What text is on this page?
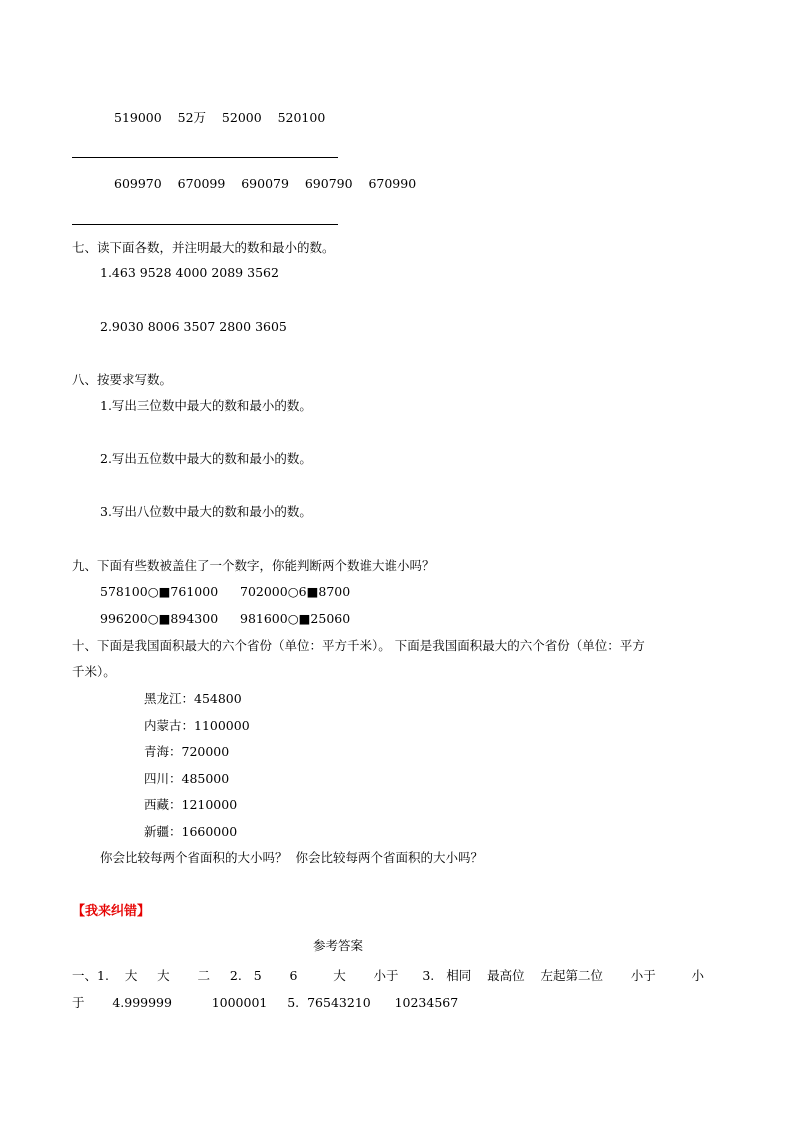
519000    52万    52000    520100
609970    670099    690079    690790    670990
七、读下面各数，并注明最大的数和最小的数。
1.463 9528 4000 2089 3562
2.9030 8006 3507 2800 3605
八、按要求写数。
1.写出三位数中最大的数和最小的数。
2.写出五位数中最大的数和最小的数。
3.写出八位数中最大的数和最小的数。
九、下面有些数被盖住了一个数字，你能判断两个数谁大谁小吗？
578100○■761000 702000○6■8700
996200○■894300 981600○■25060
十、下面是我国面积最大的六个省份（单位：平方千米）。 下面是我国面积最大的六个省份（单位：平方
千米）。
黑龙江：454800
内蒙古：1100000
青海：720000
四川：485000
西藏：1210000
新疆：1660000
你会比较每两个省面积的大小吗？  你会比较每两个省面积的大小吗？
【我来纠错】
参考答案
一、1.    大     大       二     2.   5       6         大       小于      3.   相同    最高位    左起第二位       小于         小
于       4.999999          1000001     5.  76543210      10234567
